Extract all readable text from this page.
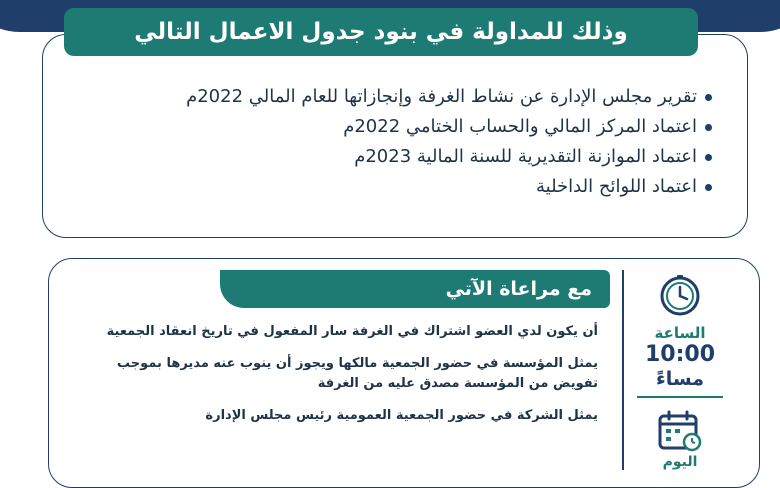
وذلك للمداولة في بنود جدول الاعمال التالي
تقرير مجلس الإدارة عن نشاط الغرفة وإنجازاتها للعام المالي 2022م
اعتماد المركز المالي والحساب الختامي 2022م
اعتماد الموازنة التقديرية للسنة المالية 2023م
اعتماد اللوائح الداخلية
مع مراعاة الآتي
أن يكون لدي العضو اشتراك في الغرفة سار المفعول في تاريخ انعقاد الجمعية
يمثل المؤسسة في حضور الجمعية مالكها ويجوز أن ينوب عنه مديرها بموجب تفويض من المؤسسة مصدق عليه من الغرفة
يمثل الشركة في حضور الجمعية العمومية رئيس مجلس الإدارة
الساعة
10:00
مساءً
اليوم
